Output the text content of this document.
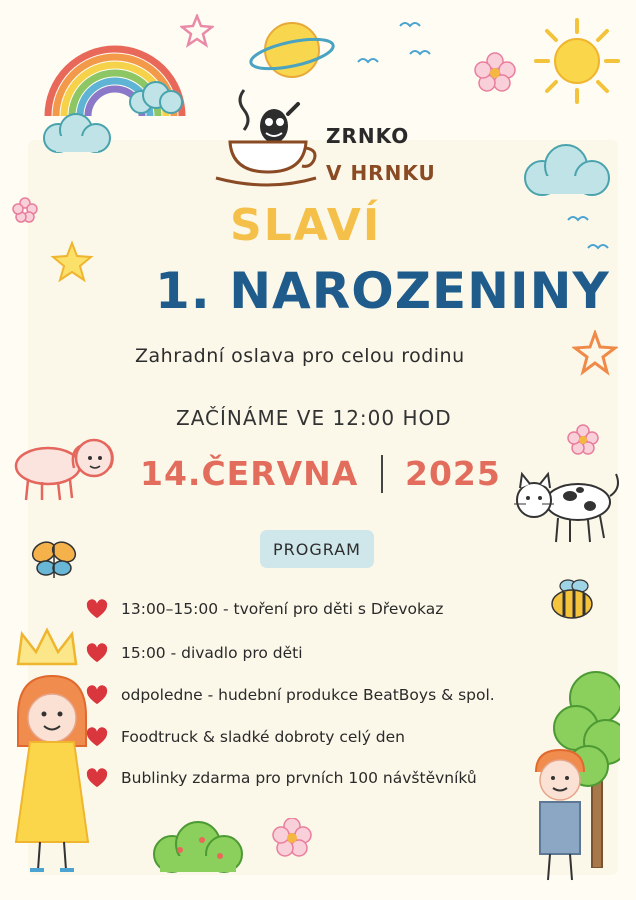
ZRNKO
V HRNKU
SLAVÍ
1. NAROZENINY
Zahradní oslava pro celou rodinu
ZAČÍNÁME VE 12:00 HOD
14.ČERVNA 2025
PROGRAM
13:00–15:00 - tvoření pro děti s Dřevokaz
15:00 - divadlo pro děti
odpoledne - hudební produkce BeatBoys & spol.
Foodtruck & sladké dobroty celý den
Bublinky zdarma pro prvních 100 návštěvníků
